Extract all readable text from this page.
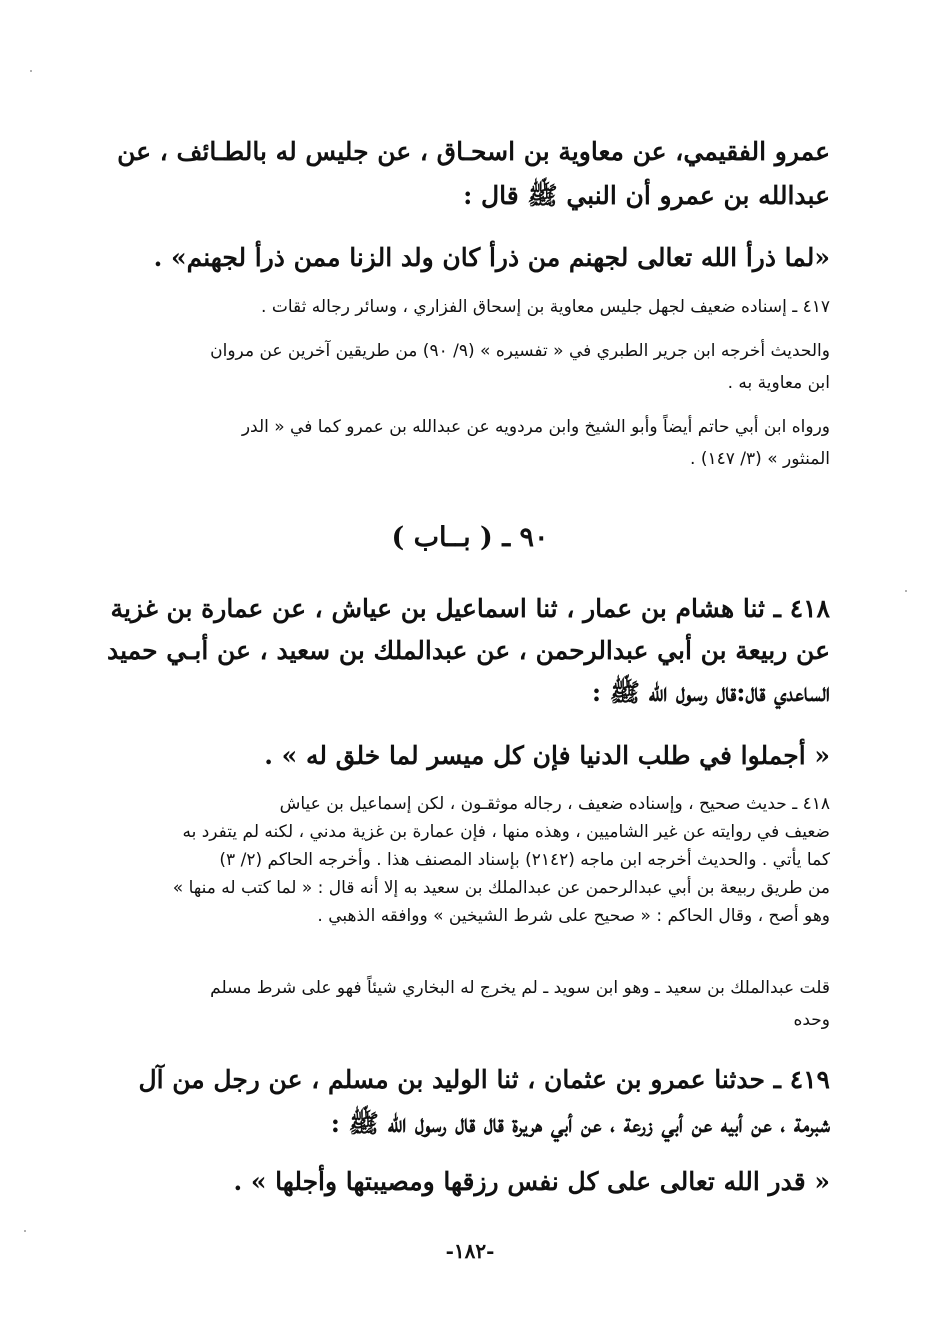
عمرو الفقيمي، عن معاوية بن اسحـاق ، عن جليس له بالطـائف ، عن
عبدالله بن عمرو أن النبي ﷺ قال :
«لما ذرأ الله تعالى لجهنم من ذرأ كان ولد الزنا ممن ذرأ لجهنم» .
٤١٧ ـ إسناده ضعيف لجهل جليس معاوية بن إسحاق الفزاري ، وسائر رجاله ثقات .
والحديث أخرجه ابن جرير الطبري في « تفسيره » (٩/ ٩٠) من طريقين آخرين عن مروان
ابن معاوية به .
ورواه ابن أبي حاتم أيضاً وأبو الشيخ وابن مردويه عن عبدالله بن عمرو كما في « الدر
المنثور » (٣/ ١٤٧) .
٩٠ ـ ( بــاب )
٤١٨ ـ ثنا هشام بن عمار ، ثنا اسماعيل بن عياش ، عن عمارة بن غزية
عن ربيعة بن أبي عبدالرحمن ، عن عبدالملك بن سعيد ، عن أبـي حميد
الساعدي قال:قال رسول الله ﷺ :
« أجملوا في طلب الدنيا فإن كل ميسر لما خلق له » .
٤١٨ ـ حديث صحيح ، وإسناده ضعيف ، رجاله موثقـون ، لكن إسماعيل بن عياش
ضعيف في روايته عن غير الشاميين ، وهذه منها ، فإن عمارة بن غزية مدني ، لكنه لم يتفرد به
كما يأتي . والحديث أخرجه ابن ماجه (٢١٤٢) بإسناد المصنف هذا . وأخرجه الحاكم (٢/ ٣)
من طريق ربيعة بن أبي عبدالرحمن عن عبدالملك بن سعيد به إلا أنه قال : « لما كتب له منها »
وهو أصح ، وقال الحاكم : « صحيح على شرط الشيخين » ووافقه الذهبي .
قلت عبدالملك بن سعيد ـ وهو ابن سويد ـ لم يخرج له البخاري شيئاً فهو على شرط مسلم
وحده
٤١٩ ـ حدثنا عمرو بن عثمان ، ثنا الوليد بن مسلم ، عن رجل من آل
شبرمة ، عن أبيه عن أبي زرعة ، عن أبي هريرة قال قال رسول الله ﷺ :
« قدر الله تعالى على كل نفس رزقها ومصيبتها وأجلها » .
-١٨٢-
